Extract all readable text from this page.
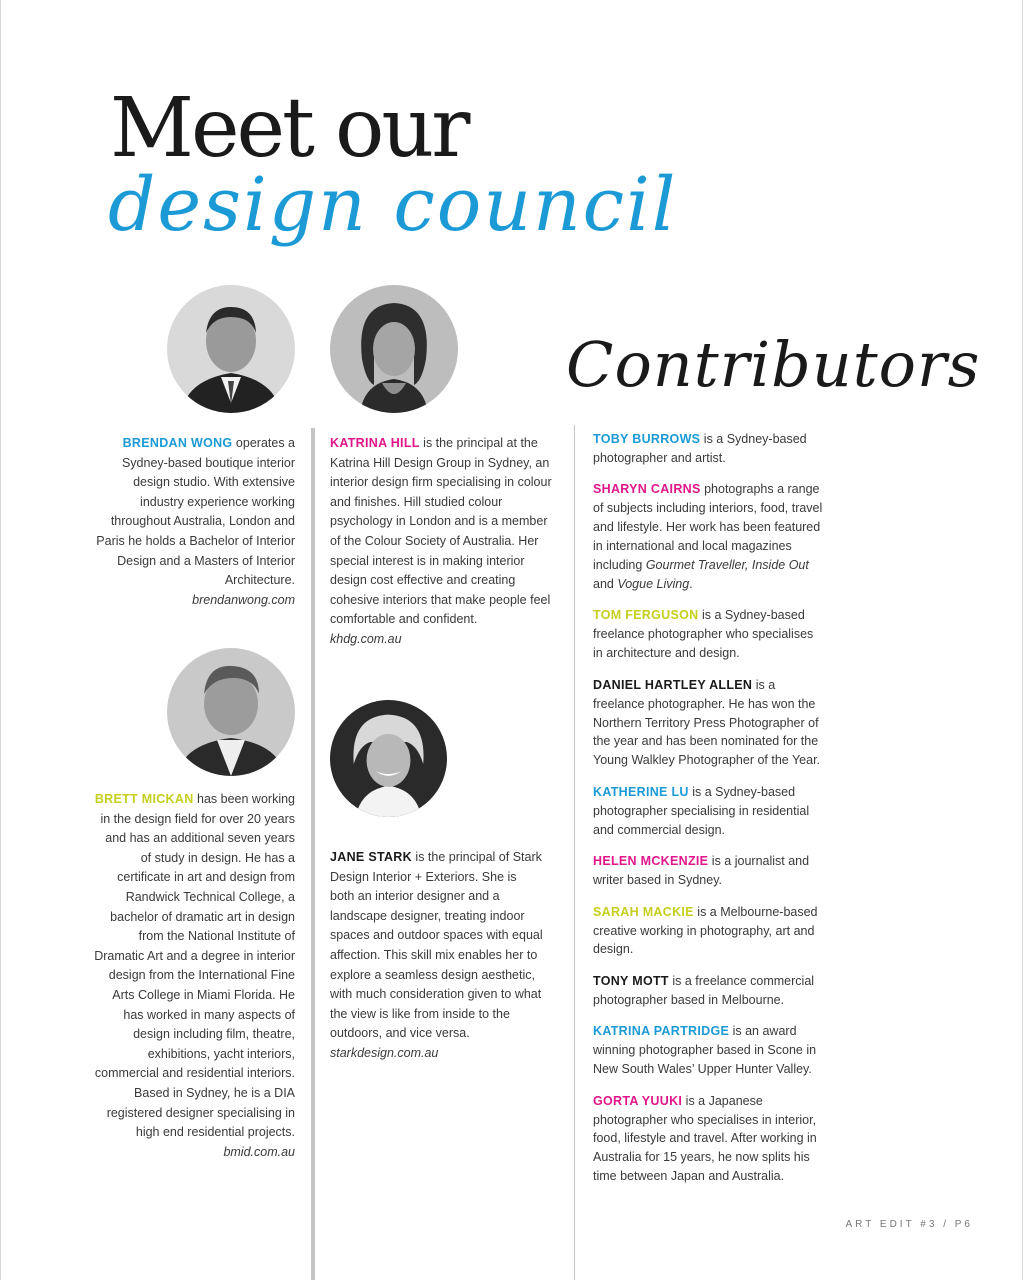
Meet our
design council
Contributors

BRENDAN WONG operates a Sydney-based boutique interior design studio. With extensive industry experience working throughout Australia, London and Paris he holds a Bachelor of Interior Design and a Masters of Interior Architecture.
brendanwong.com

KATRINA HILL is the principal at the Katrina Hill Design Group in Sydney, an interior design firm specialising in colour and finishes. Hill studied colour psychology in London and is a member of the Colour Society of Australia. Her special interest is in making interior design cost effective and creating cohesive interiors that make people feel comfortable and confident.
khdg.com.au

BRETT MICKAN has been working in the design field for over 20 years and has an additional seven years of study in design. He has a certificate in art and design from Randwick Technical College, a bachelor of dramatic art in design from the National Institute of Dramatic Art and a degree in interior design from the International Fine Arts College in Miami Florida. He has worked in many aspects of design including film, theatre, exhibitions, yacht interiors, commercial and residential interiors. Based in Sydney, he is a DIA registered designer specialising in high end residential projects.
bmid.com.au

JANE STARK is the principal of Stark Design Interior + Exteriors. She is both an interior designer and a landscape designer, treating indoor spaces and outdoor spaces with equal affection. This skill mix enables her to explore a seamless design aesthetic, with much consideration given to what the view is like from inside to the outdoors, and vice versa.
starkdesign.com.au

TOBY BURROWS is a Sydney-based photographer and artist.

SHARYN CAIRNS photographs a range of subjects including interiors, food, travel and lifestyle. Her work has been featured in international and local magazines including Gourmet Traveller, Inside Out and Vogue Living.

TOM FERGUSON is a Sydney-based freelance photographer who specialises in architecture and design.

DANIEL HARTLEY ALLEN is a freelance photographer. He has won the Northern Territory Press Photographer of the year and has been nominated for the Young Walkley Photographer of the Year.

KATHERINE LU is a Sydney-based photographer specialising in residential and commercial design.

HELEN MCKENZIE is a journalist and writer based in Sydney.

SARAH MACKIE is a Melbourne-based creative working in photography, art and design.

TONY MOTT is a freelance commercial photographer based in Melbourne.

KATRINA PARTRIDGE is an award winning photographer based in Scone in New South Wales’ Upper Hunter Valley.

GORTA YUUKI is a Japanese photographer who specialises in interior, food, lifestyle and travel. After working in Australia for 15 years, he now splits his time between Japan and Australia.

ART EDIT #3 / P6
